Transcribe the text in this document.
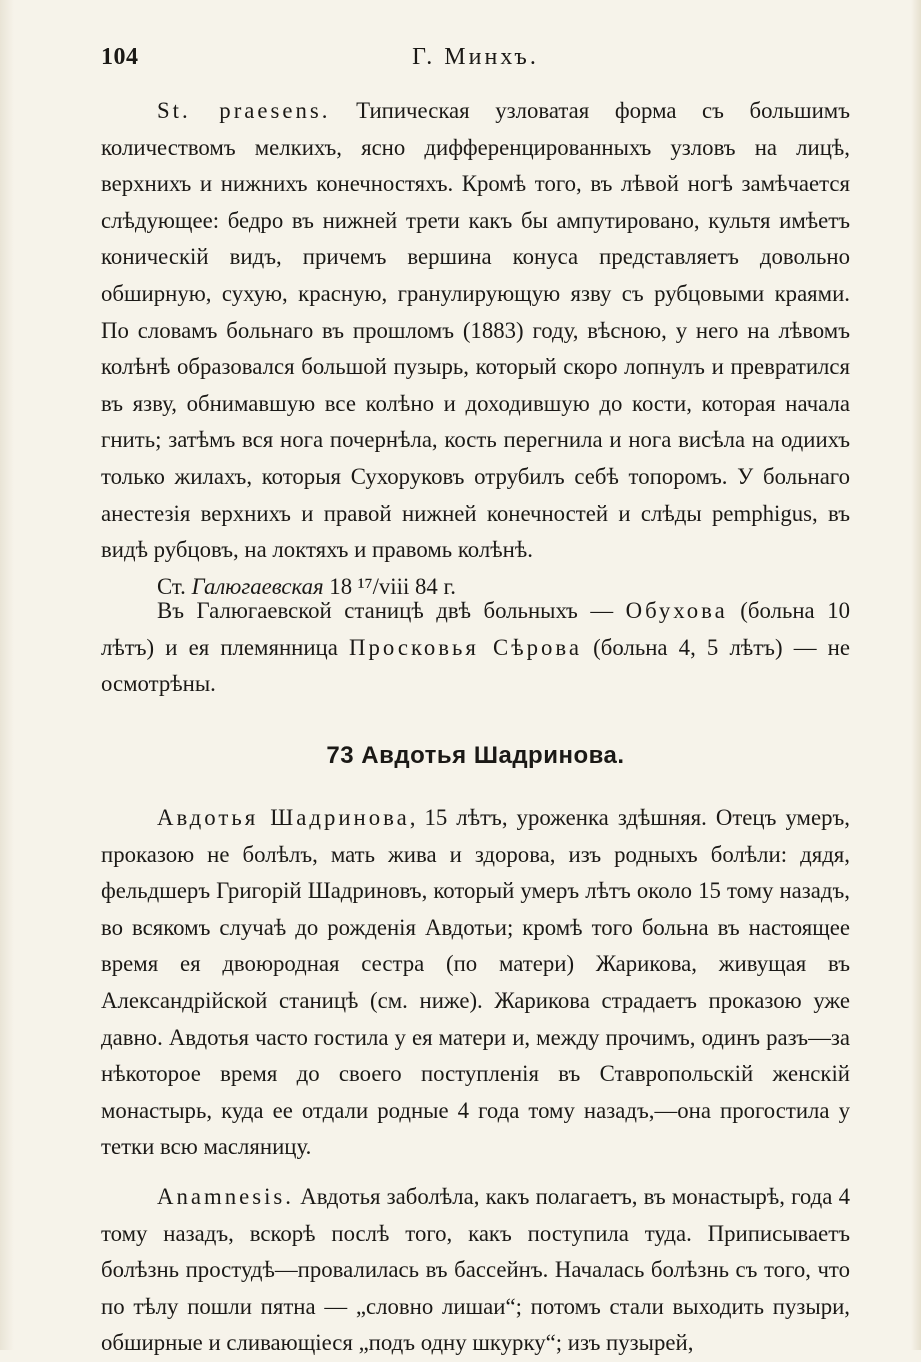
104	Г. Минхъ.

St. praesens. Типическая узловатая форма съ большимъ количествомъ мелкихъ, ясно дифференцированныхъ узловъ на лицѣ, верхнихъ и нижнихъ конечностяхъ. Кромѣ того, въ лѣвой ногѣ замѣчается слѣдующее: бедро въ нижней трети какъ бы ампутировано, культя имѣетъ коническій видъ, причемъ вершина конуса представляетъ довольно обширную, сухую, красную, гранулирующую язву съ рубцовыми краями. По словамъ больнаго въ прошломъ (1883) году, вѣсною, у него на лѣвомъ колѣнѣ образовался большой пузырь, который скоро лопнулъ и превратился въ язву, обнимавшую все колѣно и доходившую до кости, которая начала гнить; затѣмъ вся нога почернѣла, кость перегнила и нога висѣла на одиихъ только жилахъ, которыя Сухоруковъ отрубилъ себѣ топоромъ. У больнаго анестезія верхнихъ и правой нижней конечностей и слѣды pemphigus, въ видѣ рубцовъ, на локтяхъ и правомь колѣнѣ.

Ст. Галюгаевская 18 ¹⁷/viii 84 г.

Въ Галюгаевской станицѣ двѣ больныхъ — Обухова (больна 10 лѣтъ) и ея племянница Просковья Сѣрова (больна 4, 5 лѣтъ) — не осмотрѣны.

73 Авдотья Шадринова.

Авдотья Шадринова, 15 лѣтъ, уроженка здѣшняя. Отецъ умеръ, проказою не болѣлъ, мать жива и здорова, изъ родныхъ болѣли: дядя, фельдшеръ Григорій Шадриновъ, который умеръ лѣтъ около 15 тому назадъ, во всякомъ случаѣ до рожденія Авдотьи; кромѣ того больна въ настоящее время ея двоюродная сестра (по матери) Жарикова, живущая въ Александрійской станицѣ (см. ниже). Жарикова страдаетъ проказою уже давно. Авдотья часто гостила у ея матери и, между прочимъ, одинъ разъ—за нѣкоторое время до своего поступленія въ Ставропольскій женскій монастырь, куда ее отдали родные 4 года тому назадъ,—она прогостила у тетки всю масляницу.

Anamnesis. Авдотья заболѣла, какъ полагаетъ, въ монастырѣ, года 4 тому назадъ, вскорѣ послѣ того, какъ поступила туда. Приписываетъ болѣзнь простудѣ—провалилась въ бассейнъ. Началась болѣзнь съ того, что по тѣлу пошли пятна — „словно лишаи“; потомъ стали выходить пузыри, обширные и сливающіеся „подъ одну шкурку“; изъ пузырей,
